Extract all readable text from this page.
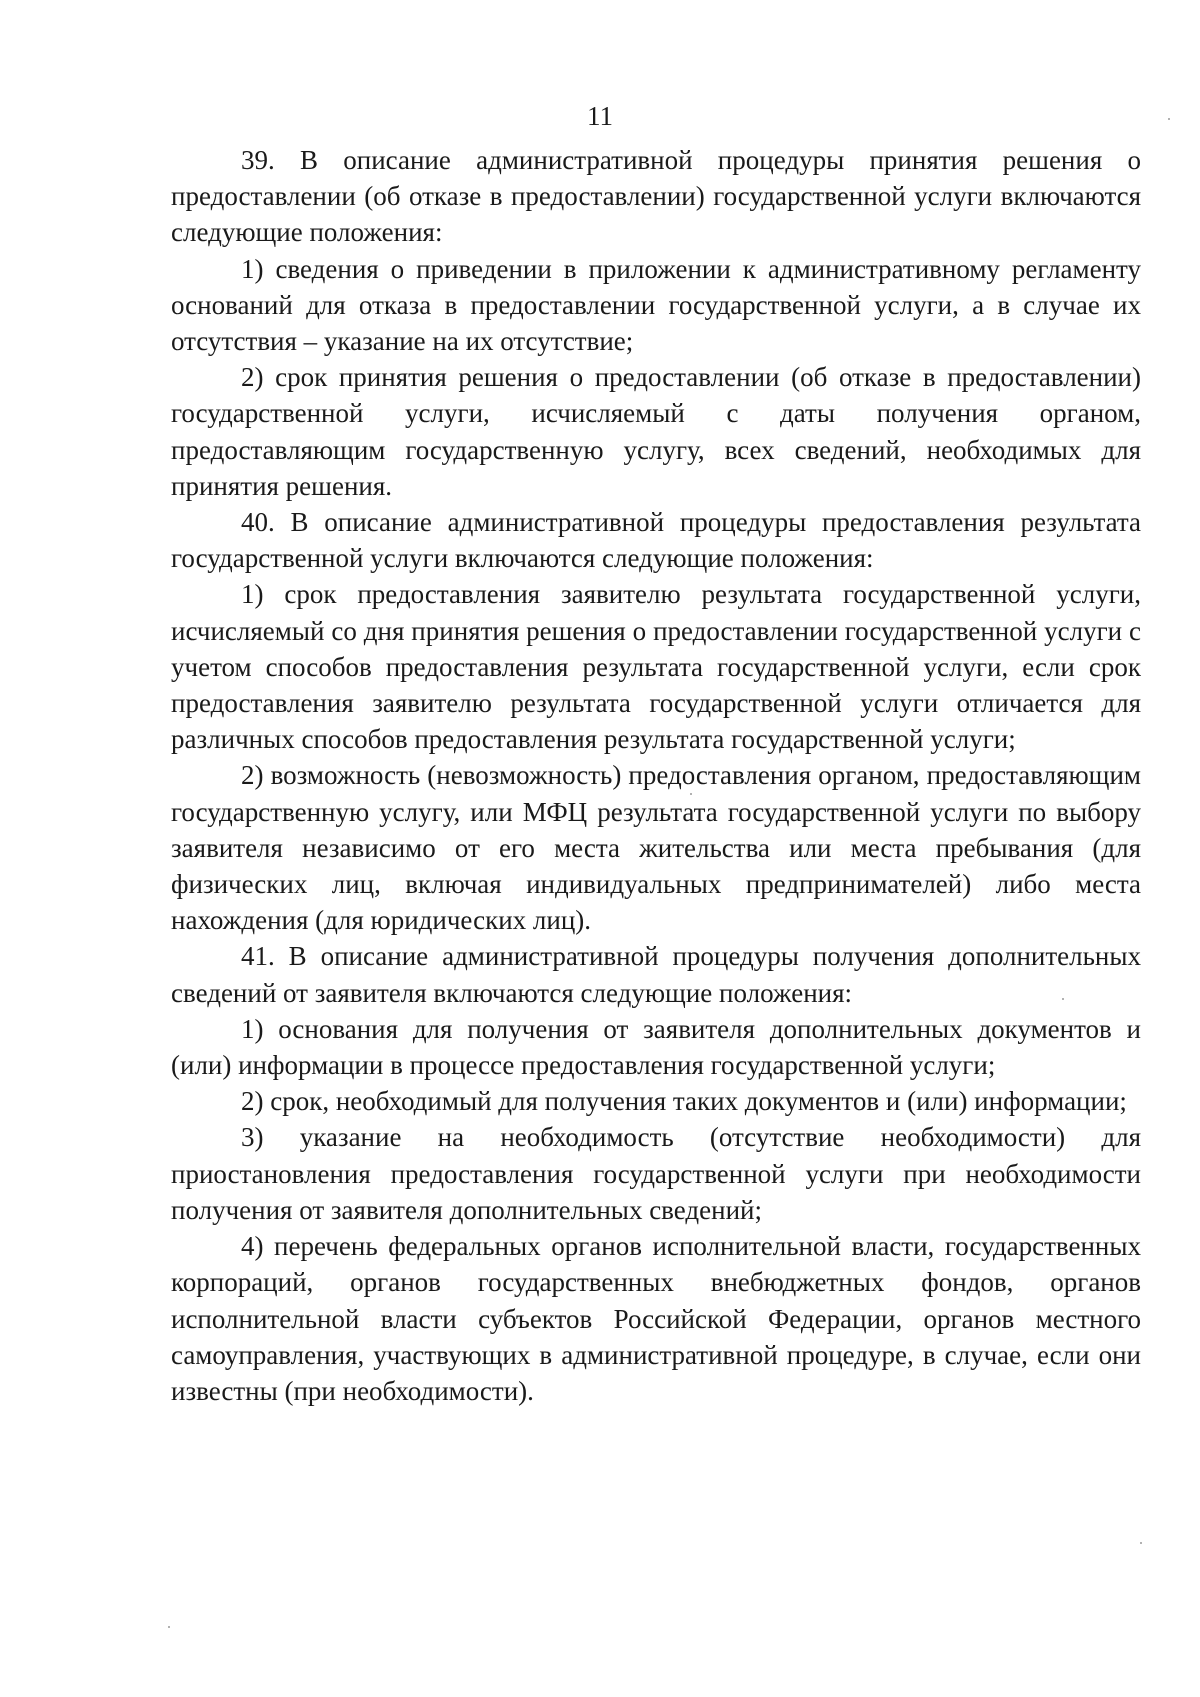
11

39. В описание административной процедуры принятия решения о предоставлении (об отказе в предоставлении) государственной услуги включаются следующие положения:

1) сведения о приведении в приложении к административному регламенту оснований для отказа в предоставлении государственной услуги, а в случае их отсутствия – указание на их отсутствие;

2) срок принятия решения о предоставлении (об отказе в предоставлении) государственной услуги, исчисляемый с даты получения органом, предоставляющим государственную услугу, всех сведений, необходимых для принятия решения.

40. В описание административной процедуры предоставления результата государственной услуги включаются следующие положения:

1) срок предоставления заявителю результата государственной услуги, исчисляемый со дня принятия решения о предоставлении государственной услуги с учетом способов предоставления результата государственной услуги, если срок предоставления заявителю результата государственной услуги отличается для различных способов предоставления результата государственной услуги;

2) возможность (невозможность) предоставления органом, предоставляющим государственную услугу, или МФЦ результата государственной услуги по выбору заявителя независимо от его места жительства или места пребывания (для физических лиц, включая индивидуальных предпринимателей) либо места нахождения (для юридических лиц).

41. В описание административной процедуры получения дополнительных сведений от заявителя включаются следующие положения:

1) основания для получения от заявителя дополнительных документов и (или) информации в процессе предоставления государственной услуги;

2) срок, необходимый для получения таких документов и (или) информации;

3) указание на необходимость (отсутствие необходимости) для приостановления предоставления государственной услуги при необходимости получения от заявителя дополнительных сведений;

4) перечень федеральных органов исполнительной власти, государственных корпораций, органов государственных внебюджетных фондов, органов исполнительной власти субъектов Российской Федерации, органов местного самоуправления, участвующих в административной процедуре, в случае, если они известны (при необходимости).
